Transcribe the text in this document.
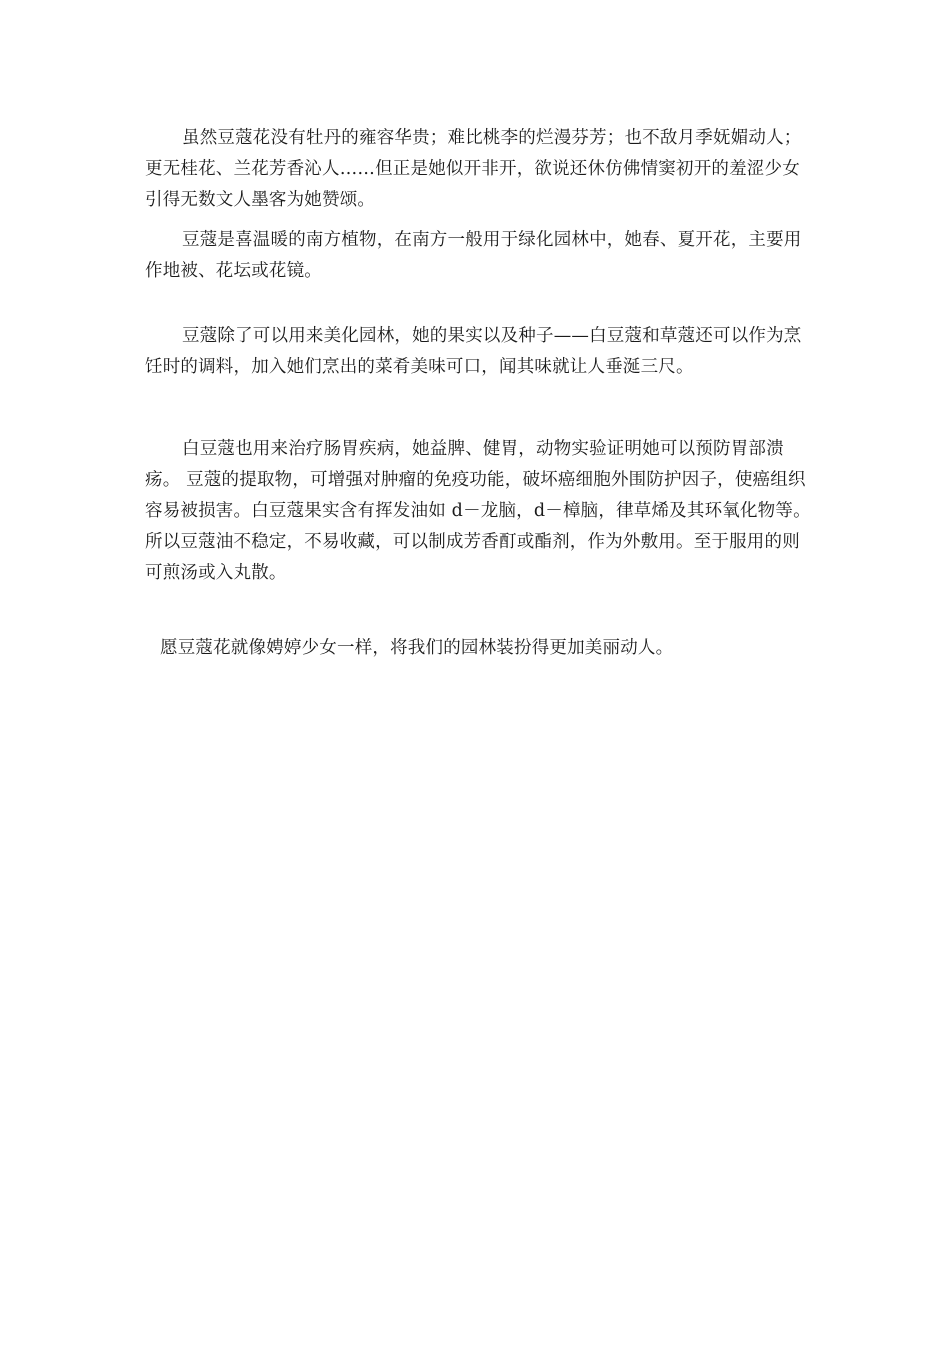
虽然豆蔻花没有牡丹的雍容华贵；难比桃李的烂漫芬芳；也不敌月季妩媚动人；更无桂花、兰花芳香沁人……但正是她似开非开，欲说还休仿佛情窦初开的羞涩少女引得无数文人墨客为她赞颂。

豆蔻是喜温暖的南方植物，在南方一般用于绿化园林中，她春、夏开花，主要用作地被、花坛或花镜。

豆蔻除了可以用来美化园林，她的果实以及种子——白豆蔻和草蔻还可以作为烹饪时的调料，加入她们烹出的菜肴美味可口，闻其味就让人垂涎三尺。

白豆蔻也用来治疗肠胃疾病，她益脾、健胃，动物实验证明她可以预防胃部溃疡。 豆蔻的提取物，可增强对肿瘤的免疫功能，破坏癌细胞外围防护因子，使癌组织容易被损害。白豆蔻果实含有挥发油如 d－龙脑，d－樟脑，律草烯及其环氧化物等。所以豆蔻油不稳定，不易收藏，可以制成芳香酊或酯剂，作为外敷用。至于服用的则可煎汤或入丸散。

愿豆蔻花就像娉婷少女一样，将我们的园林装扮得更加美丽动人。
